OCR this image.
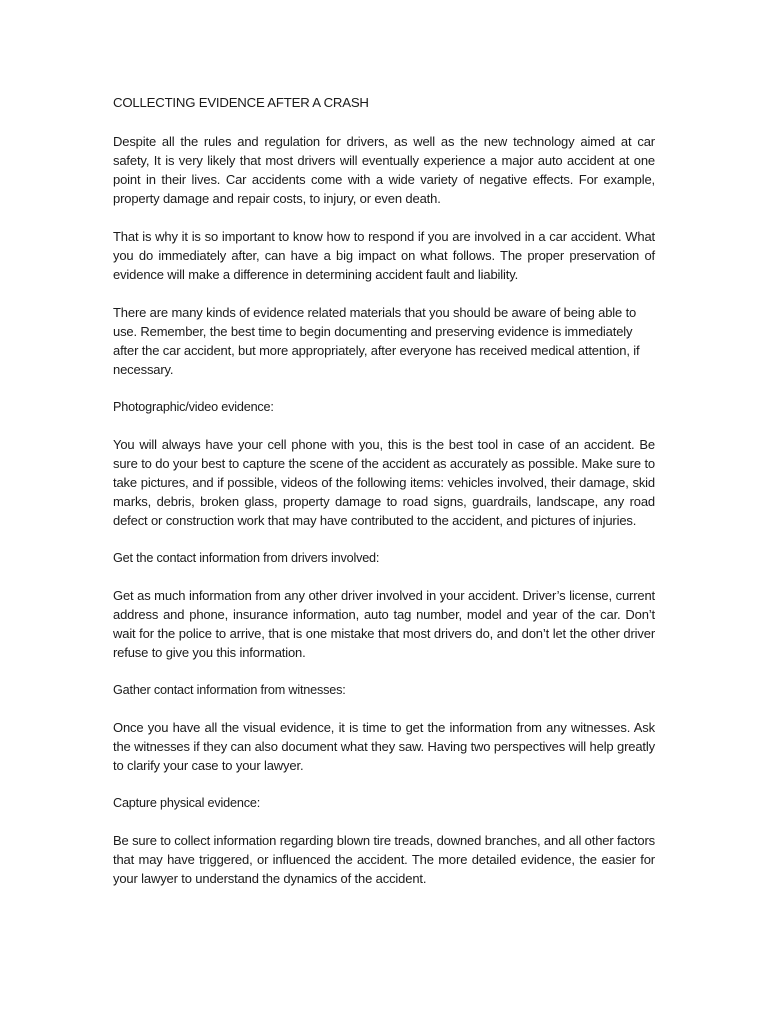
COLLECTING EVIDENCE AFTER A CRASH

Despite all the rules and regulation for drivers, as well as the new technology aimed at car safety, It is very likely that most drivers will eventually experience a major auto accident at one point in their lives. Car accidents come with a wide variety of negative effects. For example, property damage and repair costs, to injury, or even death.

That is why it is so important to know how to respond if you are involved in a car accident. What you do immediately after, can have a big impact on what follows. The proper preservation of evidence will make a difference in determining accident fault and liability.

There are many kinds of evidence related materials that you should be aware of being able to use. Remember, the best time to begin documenting and preserving evidence is immediately after the car accident, but more appropriately, after everyone has received medical attention, if necessary.

Photographic/video evidence:

You will always have your cell phone with you, this is the best tool in case of an accident. Be sure to do your best to capture the scene of the accident as accurately as possible. Make sure to take pictures, and if possible, videos of the following items: vehicles involved, their damage, skid marks, debris, broken glass, property damage to road signs, guardrails, landscape, any road defect or construction work that may have contributed to the accident, and pictures of injuries.

Get the contact information from drivers involved:

Get as much information from any other driver involved in your accident. Driver’s license, current address and phone, insurance information, auto tag number, model and year of the car. Don’t wait for the police to arrive, that is one mistake that most drivers do, and don’t let the other driver refuse to give you this information.

Gather contact information from witnesses:

Once you have all the visual evidence, it is time to get the information from any witnesses. Ask the witnesses if they can also document what they saw. Having two perspectives will help greatly to clarify your case to your lawyer.

Capture physical evidence:

Be sure to collect information regarding blown tire treads, downed branches, and all other factors that may have triggered, or influenced the accident. The more detailed evidence, the easier for your lawyer to understand the dynamics of the accident.
